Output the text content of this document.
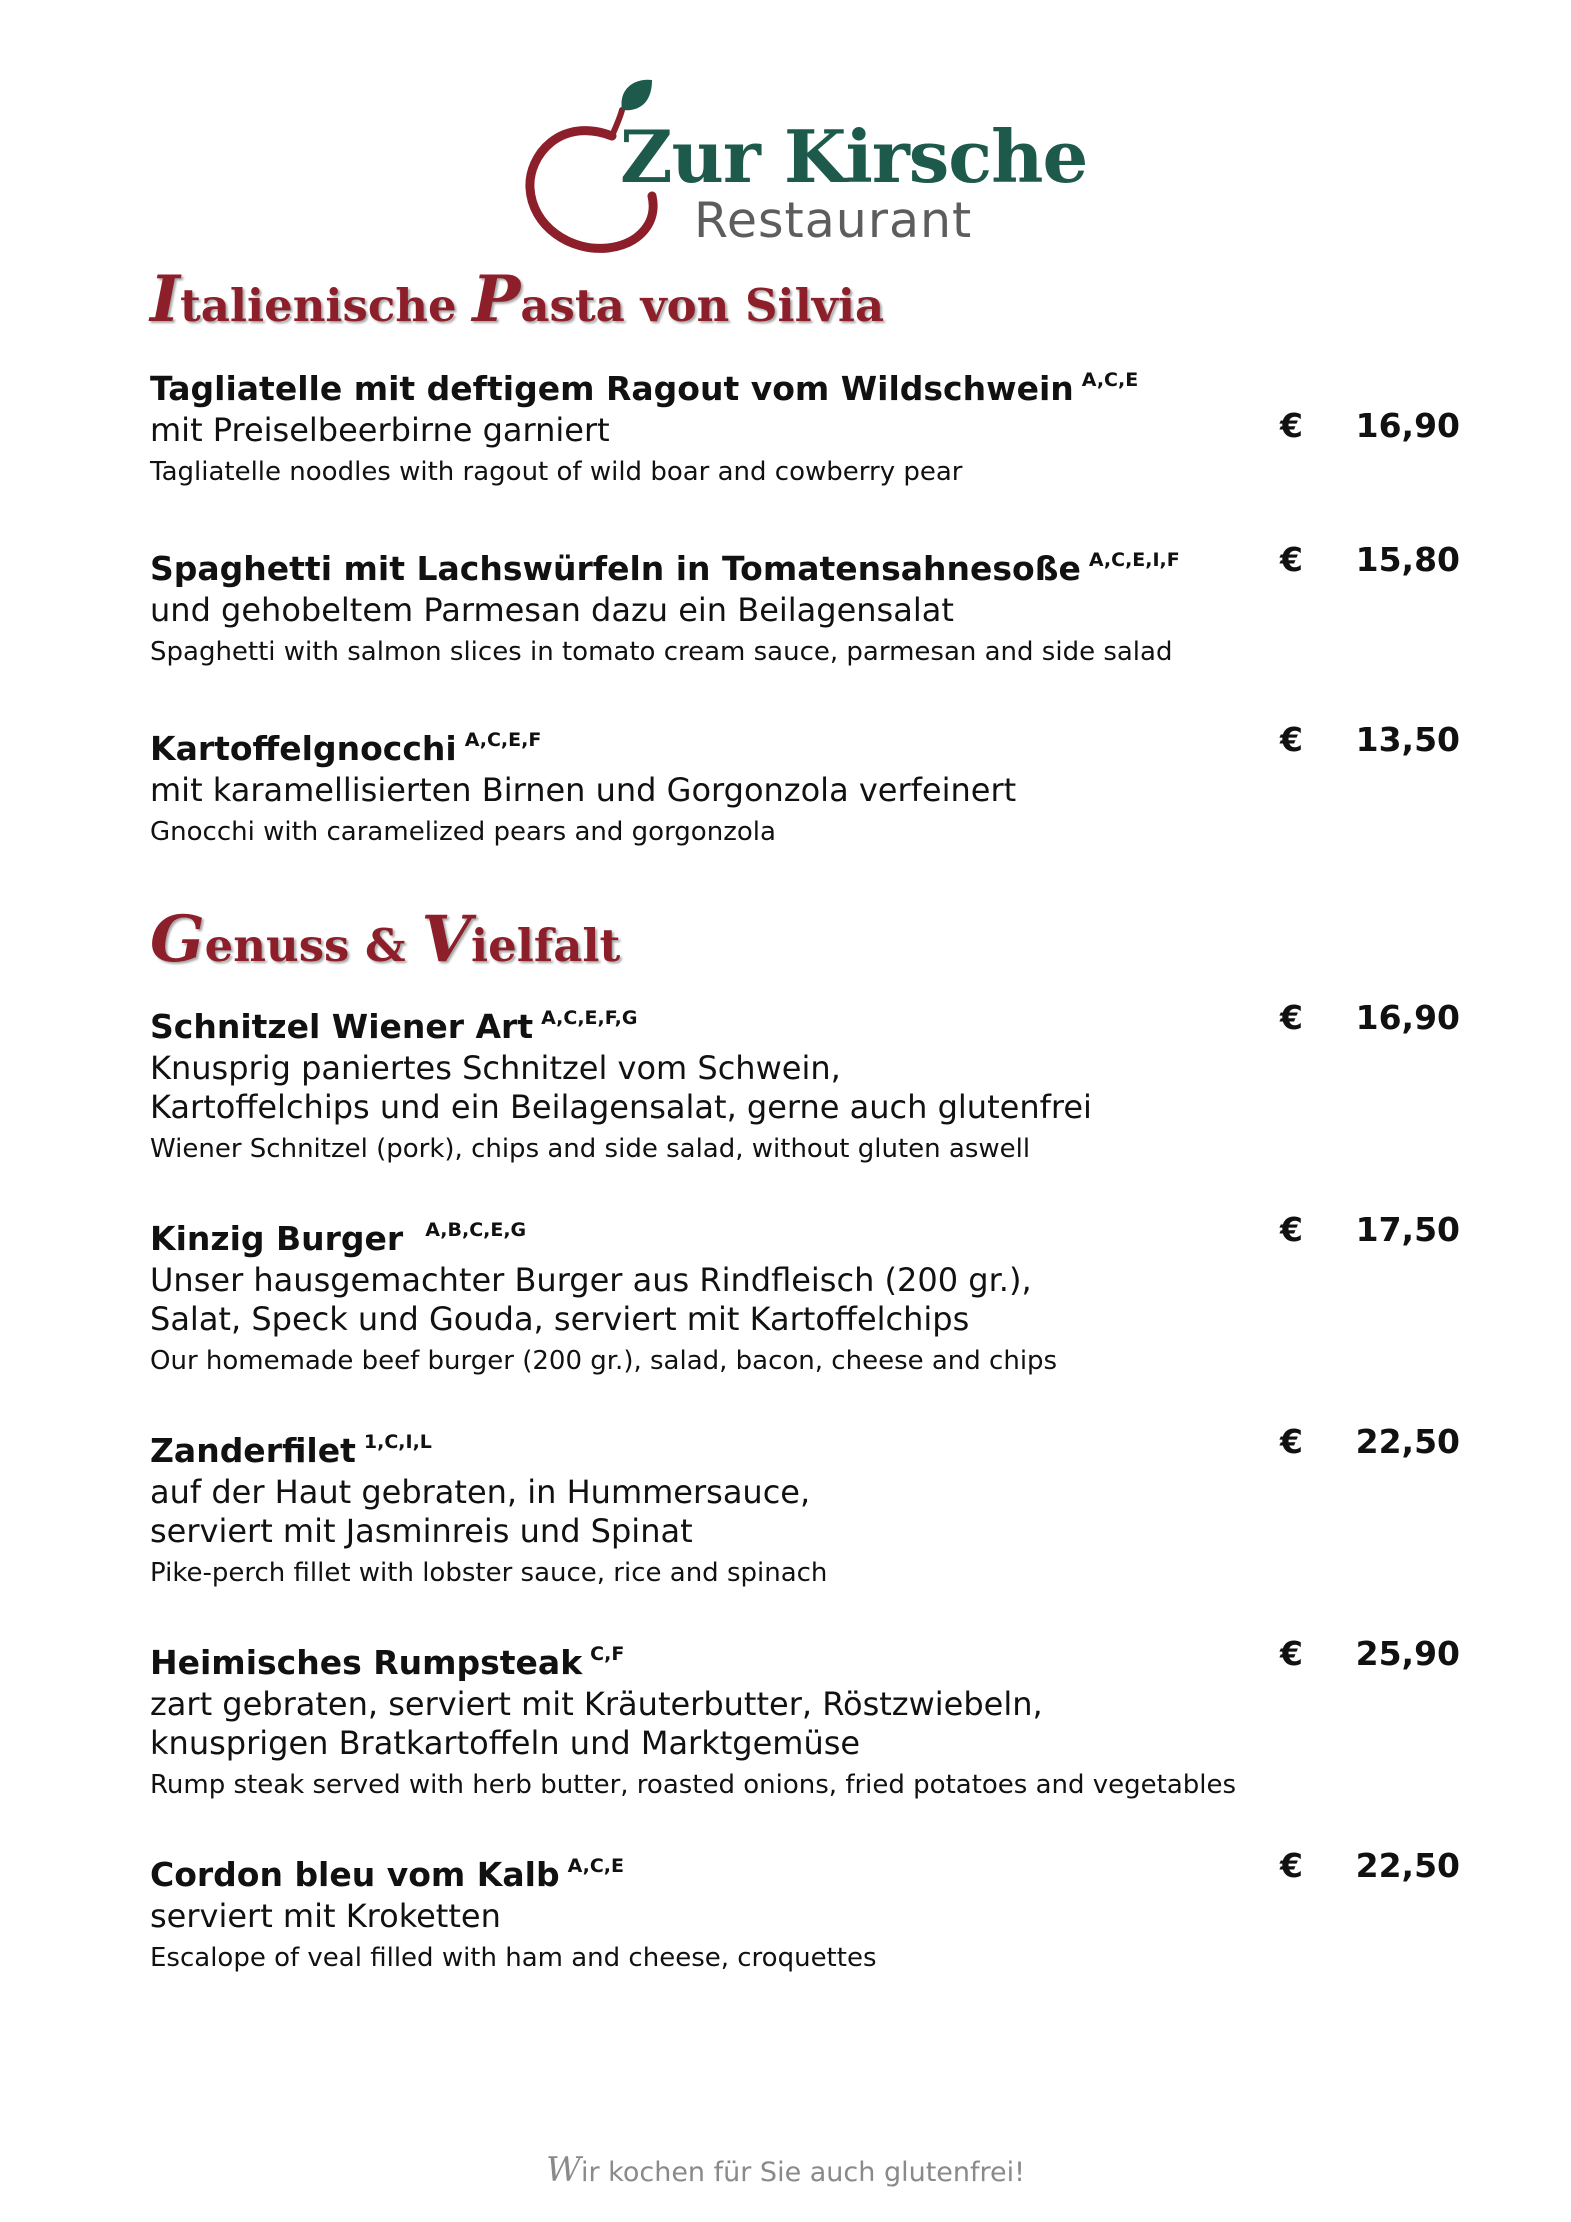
Zur Kirsche
Restaurant
Italienische Pasta von Silvia
Tagliatelle mit deftigem Ragout vom Wildschwein $^{A,C,E}$
mit Preiselbeerbirne garniert
Tagliatelle noodles with ragout of wild boar and cowberry pear
€ 16,90
Spaghetti mit Lachswürfeln in Tomatensahnesoße $^{A,C,E,I,F}$
und gehobeltem Parmesan dazu ein Beilagensalat
Spaghetti with salmon slices in tomato cream sauce, parmesan and side salad
€ 15,80
Kartoffelgnocchi $^{A,C,E,F}$
mit karamellisierten Birnen und Gorgonzola verfeinert
Gnocchi with caramelized pears and gorgonzola
€ 13,50
Genuss & Vielfalt
Schnitzel Wiener Art $^{A,C,E,F,G}$
Knusprig paniertes Schnitzel vom Schwein,
Kartoffelchips und ein Beilagensalat, gerne auch glutenfrei
Wiener Schnitzel (pork), chips and side salad, without gluten aswell
€ 16,90
Kinzig Burger $^{A,B,C,E,G}$
Unser hausgemachter Burger aus Rindfleisch (200 gr.),
Salat, Speck und Gouda, serviert mit Kartoffelchips
Our homemade beef burger (200 gr.), salad, bacon, cheese and chips
€ 17,50
Zanderfilet $^{1,C,I,L}$
auf der Haut gebraten, in Hummersauce,
serviert mit Jasminreis und Spinat
Pike-perch fillet with lobster sauce, rice and spinach
€ 22,50
Heimisches Rumpsteak $^{C,F}$
zart gebraten, serviert mit Kräuterbutter, Röstzwiebeln,
knusprigen Bratkartoffeln und Marktgemüse
Rump steak served with herb butter, roasted onions, fried potatoes and vegetables
€ 25,90
Cordon bleu vom Kalb $^{A,C,E}$
serviert mit Kroketten
Escalope of veal filled with ham and cheese, croquettes
€ 22,50
Wir kochen für Sie auch glutenfrei!
